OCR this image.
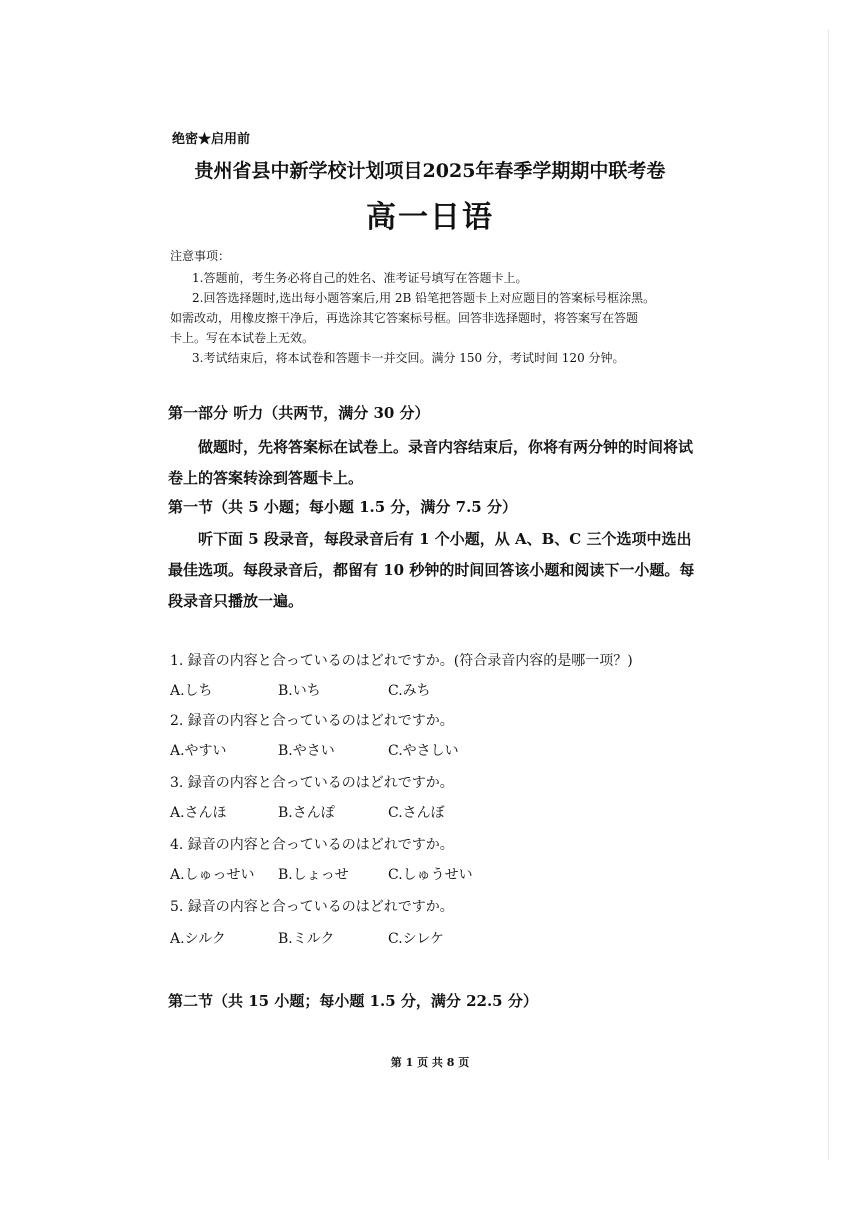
绝密★启用前
贵州省县中新学校计划项目2025年春季学期期中联考卷
高一日语
注意事项：

1.答题前，考生务必将自己的姓名、准考证号填写在答题卡上。

2.回答选择题时,选出每小题答案后,用 2B 铅笔把答题卡上对应题目的答案标号框涂黑。

如需改动，用橡皮擦干净后，再选涂其它答案标号框。回答非选择题时，将答案写在答题

卡上。写在本试卷上无效。

3.考试结束后，将本试卷和答题卡一并交回。满分 150 分，考试时间 120 分钟。

第一部分 听力（共两节，满分 30 分）
做题时，先将答案标在试卷上。录音内容结束后，你将有两分钟的时间将试卷上的答案转涂到答题卡上。
第一节（共 5 小题；每小题 1.5 分，满分 7.5 分）
听下面 5 段录音，每段录音后有 1 个小题，从 A、B、C 三个选项中选出最佳选项。每段录音后，都留有 10 秒钟的时间回答该小题和阅读下一小题。每段录音只播放一遍。
1. 録音の内容と合っているのはどれですか。(符合录音内容的是哪一项？)
A.しち	B.いち	C.みち
2. 録音の内容と合っているのはどれですか。
A.やすい	B.やさい	C.やさしい
3. 録音の内容と合っているのはどれですか。
A.さんほ	B.さんぽ	C.さんぼ
4. 録音の内容と合っているのはどれですか。
A.しゅっせい	B.しょっせ	C.しゅうせい
5. 録音の内容と合っているのはどれですか。
A.シルク	B.ミルク	C.シレケ
第二节（共 15 小题；每小题 1.5 分，满分 22.5 分）
第 1 页 共 8 页
